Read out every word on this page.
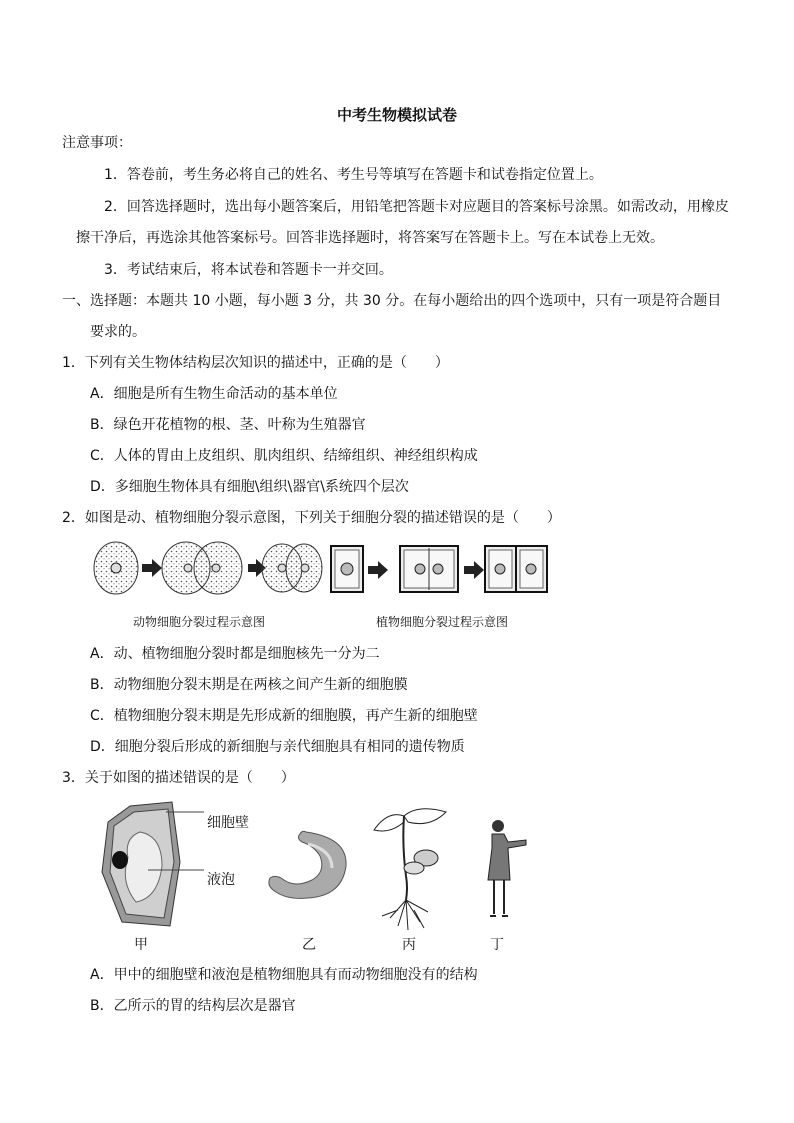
中考生物模拟试卷
注意事项：
1．答卷前，考生务必将自己的姓名、考生号等填写在答题卡和试卷指定位置上。
2．回答选择题时，选出每小题答案后，用铅笔把答题卡对应题目的答案标号涂黑。如需改动，用橡皮
擦干净后，再选涂其他答案标号。回答非选择题时，将答案写在答题卡上。写在本试卷上无效。
3．考试结束后，将本试卷和答题卡一并交回。
一、选择题：本题共 10 小题，每小题 3 分，共 30 分。在每小题给出的四个选项中，只有一项是符合题目
要求的。
1．下列有关生物体结构层次知识的描述中，正确的是（　　）
A．细胞是所有生物生命活动的基本单位
B．绿色开花植物的根、茎、叶称为生殖器官
C．人体的胃由上皮组织、肌肉组织、结缔组织、神经组织构成
D．多细胞生物体具有细胞\组织\器官\系统四个层次
2．如图是动、植物细胞分裂示意图，下列关于细胞分裂的描述错误的是（　　）
动物细胞分裂过程示意图	植物细胞分裂过程示意图
A．动、植物细胞分裂时都是细胞核先一分为二
B．动物细胞分裂末期是在两核之间产生新的细胞膜
C．植物细胞分裂末期是先形成新的细胞膜，再产生新的细胞壁
D．细胞分裂后形成的新细胞与亲代细胞具有相同的遗传物质
3．关于如图的描述错误的是（　　）
细胞壁
液泡
甲	乙	丙	丁
A．甲中的细胞壁和液泡是植物细胞具有而动物细胞没有的结构
B．乙所示的胃的结构层次是器官
